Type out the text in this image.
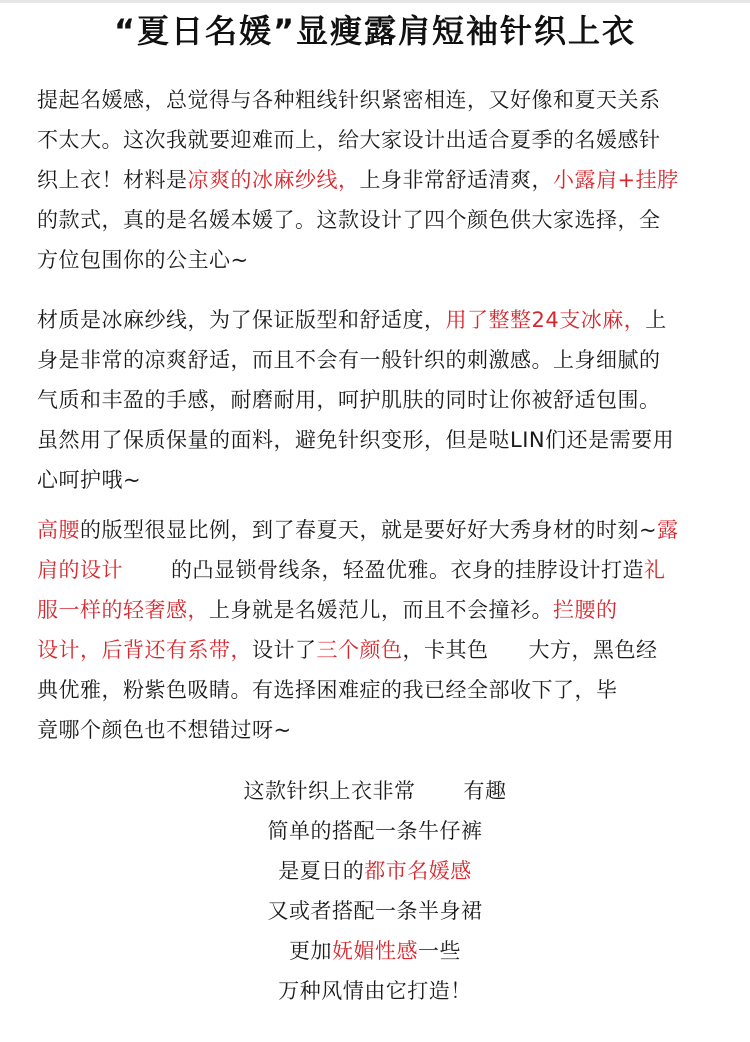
“夏日名媛”显瘦露肩短袖针织上衣
提起名媛感，总觉得与各种粗线针织紧密相连，又好像和夏天关系
不太大。这次我就要迎难而上，给大家设计出适合夏季的名媛感针
织上衣！材料是凉爽的冰麻纱线，上身非常舒适清爽，小露肩+挂脖
的款式，真的是名媛本媛了。这款设计了四个颜色供大家选择，全
方位包围你的公主心~
材质是冰麻纱线，为了保证版型和舒适度，用了整整24支冰麻，上
身是非常的凉爽舒适，而且不会有一般针织的刺激感。上身细腻的
气质和丰盈的手感，耐磨耐用，呵护肌肤的同时让你被舒适包围。
虽然用了保质保量的面料，避免针织变形，但是哒LIN们还是需要用
心呵护哦~
高腰的版型很显比例，到了春夏天，就是要好好大秀身材的时刻~露
肩的设计 的凸显锁骨线条，轻盈优雅。衣身的挂脖设计打造礼
服一样的轻奢感，上身就是名媛范儿，而且不会撞衫。拦腰的
设计，后背还有系带，设计了三个颜色，卡其色 大方，黑色经
典优雅，粉紫色吸睛。有选择困难症的我已经全部收下了，毕
竟哪个颜色也不想错过呀~
这款针织上衣非常 有趣
简单的搭配一条牛仔裤
是夏日的都市名媛感
又或者搭配一条半身裙
更加妩媚性感一些
万种风情由它打造！
